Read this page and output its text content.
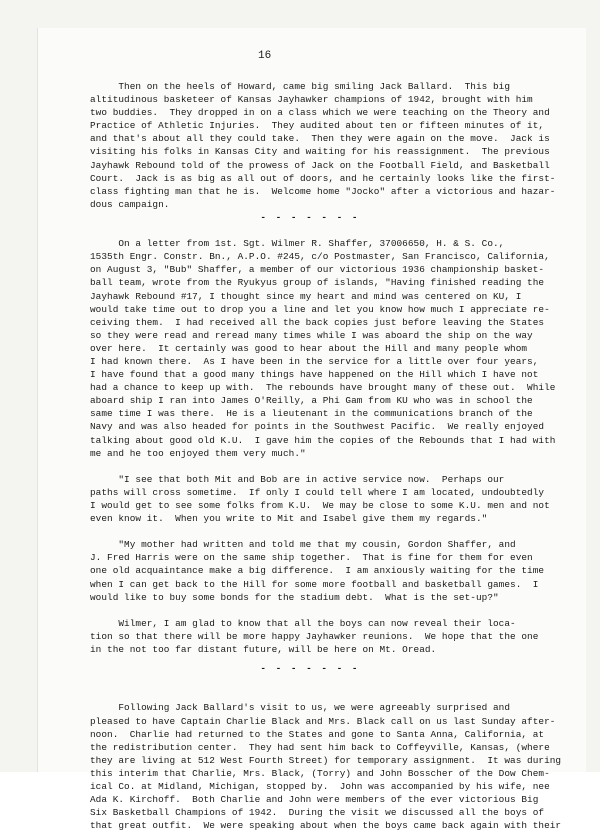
16

Then on the heels of Howard, came big smiling Jack Ballard.  This big
altitudinous basketeer of Kansas Jayhawker champions of 1942, brought with him
two buddies.  They dropped in on a class which we were teaching on the Theory and
Practice of Athletic Injuries.  They audited about ten or fifteen minutes of it,
and that's about all they could take.  Then they were again on the move.  Jack is
visiting his folks in Kansas City and waiting for his reassignment.  The previous
Jayhawk Rebound told of the prowess of Jack on the Football Field, and Basketball
Court.  Jack is as big as all out of doors, and he certainly looks like the first-
class fighting man that he is.  Welcome home "Jocko" after a victorious and hazar-
dous campaign.
- - - - - - -
On a letter from 1st. Sgt. Wilmer R. Shaffer, 37006650, H. & S. Co.,
1535th Engr. Constr. Bn., A.P.O. #245, c/o Postmaster, San Francisco, California,
on August 3, "Bub" Shaffer, a member of our victorious 1936 championship basket-
ball team, wrote from the Ryukyus group of islands, "Having finished reading the
Jayhawk Rebound #17, I thought since my heart and mind was centered on KU, I
would take time out to drop you a line and let you know how much I appreciate re-
ceiving them.  I had received all the back copies just before leaving the States
so they were read and reread many times while I was aboard the ship on the way
over here.  It certainly was good to hear about the Hill and many people whom
I had known there.  As I have been in the service for a little over four years,
I have found that a good many things have happened on the Hill which I have not
had a chance to keep up with.  The rebounds have brought many of these out.  While
aboard ship I ran into James O'Reilly, a Phi Gam from KU who was in school the
same time I was there.  He is a lieutenant in the communications branch of the
Navy and was also headed for points in the Southwest Pacific.  We really enjoyed
talking about good old K.U.  I gave him the copies of the Rebounds that I had with
me and he too enjoyed them very much."
"I see that both Mit and Bob are in active service now.  Perhaps our
paths will cross sometime.  If only I could tell where I am located, undoubtedly
I would get to see some folks from K.U.  We may be close to some K.U. men and not
even know it.  When you write to Mit and Isabel give them my regards."
"My mother had written and told me that my cousin, Gordon Shaffer, and
J. Fred Harris were on the same ship together.  That is fine for them for even
one old acquaintance make a big difference.  I am anxiously waiting for the time
when I can get back to the Hill for some more football and basketball games.  I
would like to buy some bonds for the stadium debt.  What is the set-up?"
Wilmer, I am glad to know that all the boys can now reveal their loca-
tion so that there will be more happy Jayhawker reunions.  We hope that the one
in the not too far distant future, will be here on Mt. Oread.
- - - - - - -
Following Jack Ballard's visit to us, we were agreeably surprised and
pleased to have Captain Charlie Black and Mrs. Black call on us last Sunday after-
noon.  Charlie had returned to the States and gone to Santa Anna, California, at
the redistribution center.  They had sent him back to Coffeyville, Kansas, (where
they are living at 512 West Fourth Street) for temporary assignment.  It was during
this interim that Charlie, Mrs. Black, (Torry) and John Bosscher of the Dow Chem-
ical Co. at Midland, Michigan, stopped by.  John was accompanied by his wife, nee
Ada K. Kirchoff.  Both Charlie and John were members of the ever victorious Big
Six Basketball Champions of 1942.  During the visit we discussed all the boys of
that great outfit.  We were speaking about when the boys came back again with their
